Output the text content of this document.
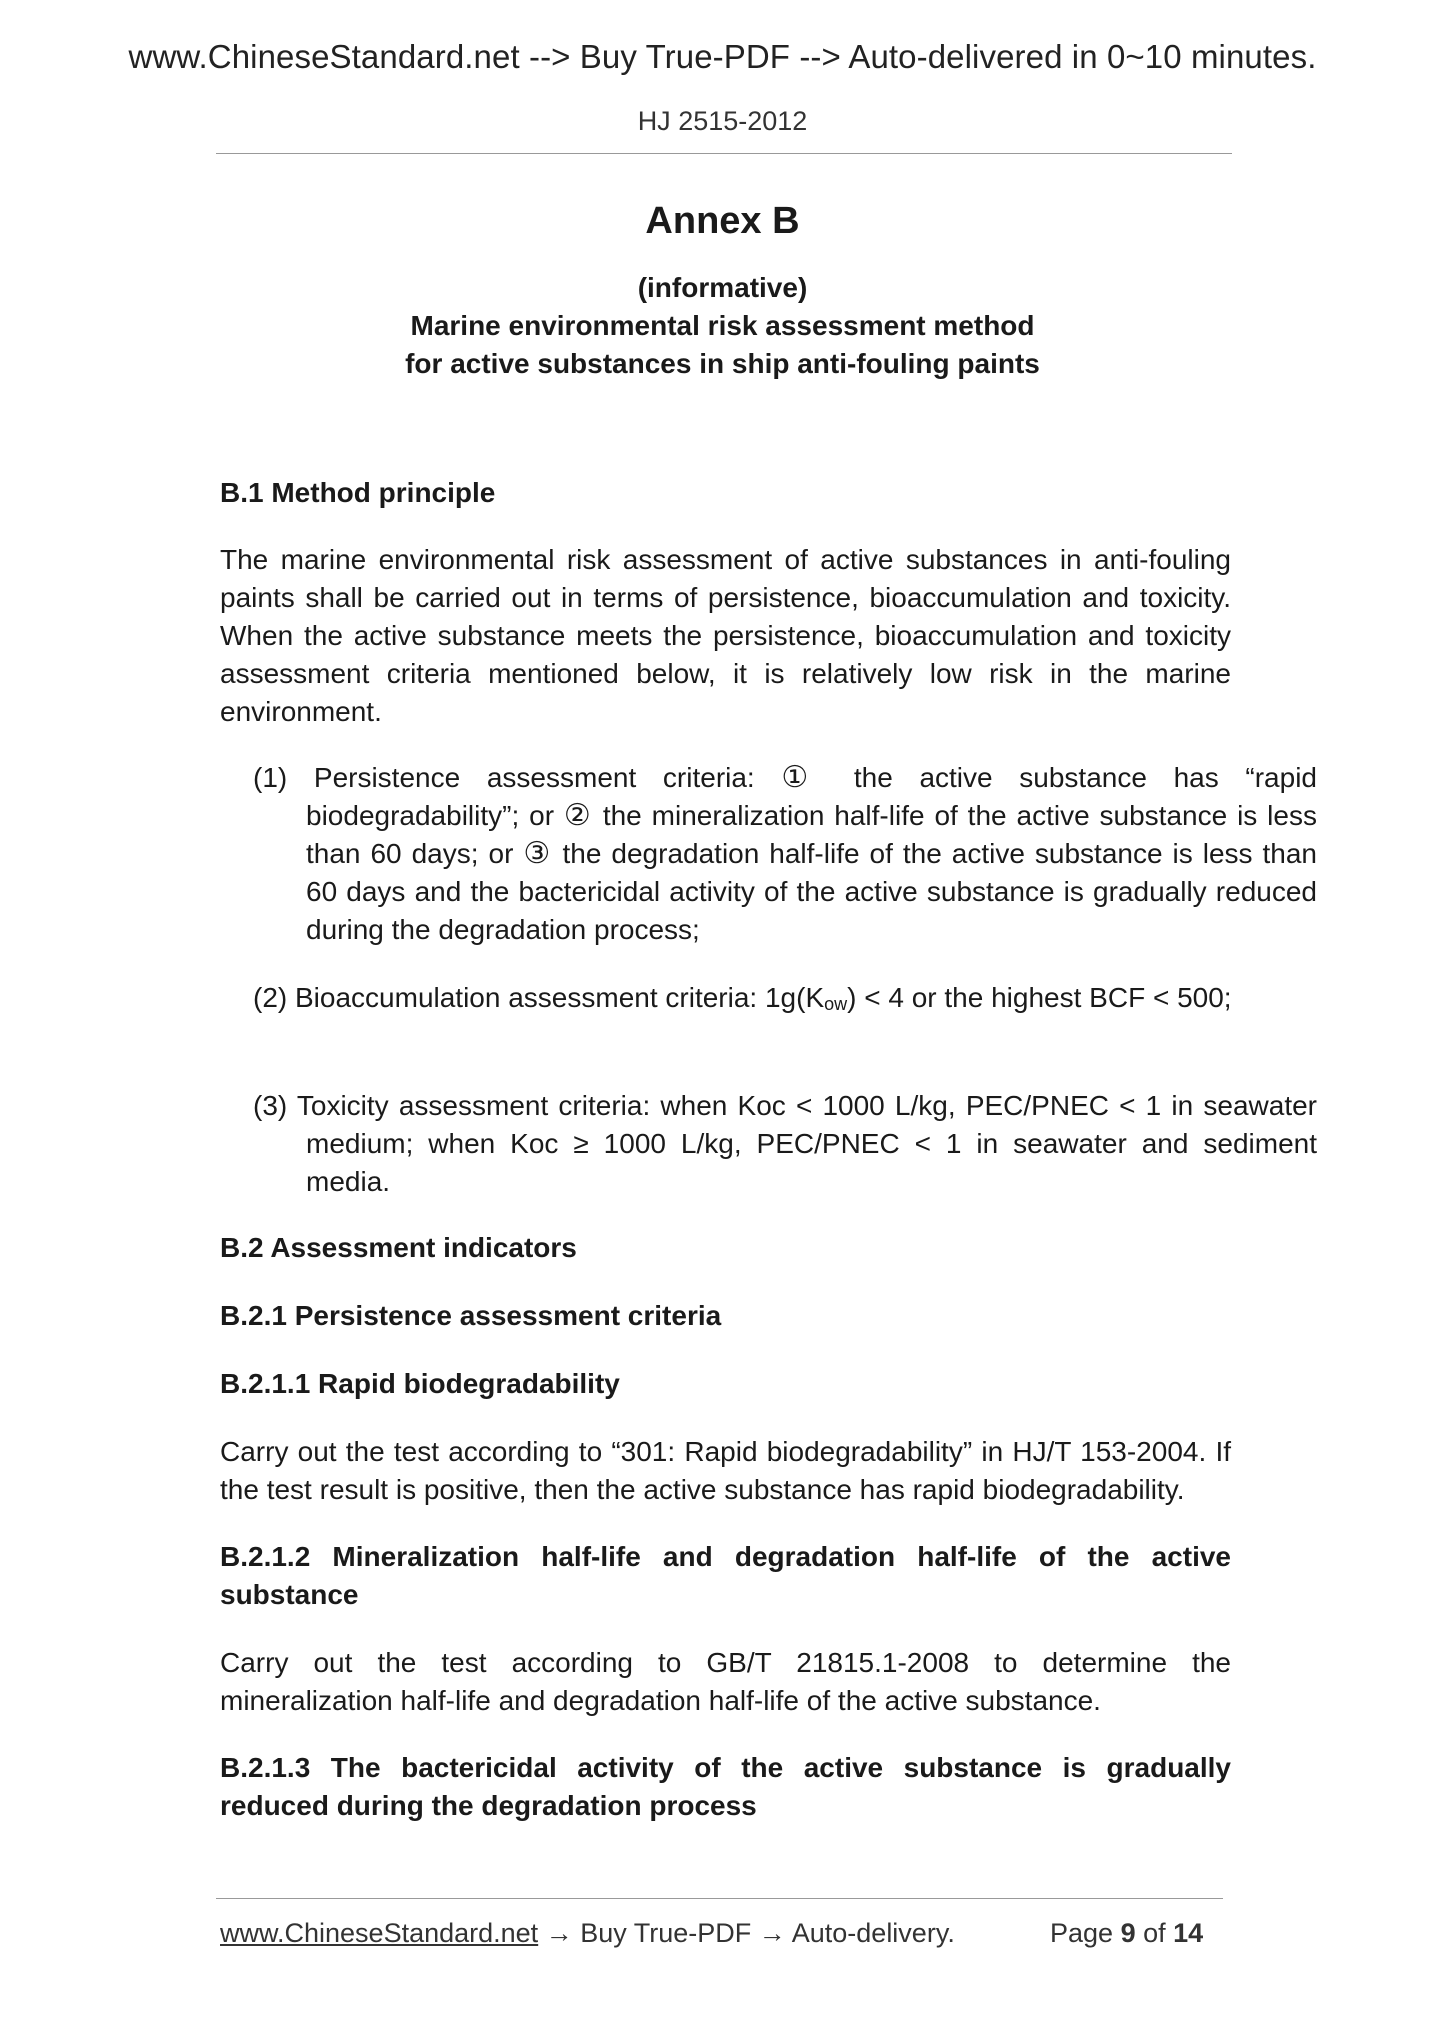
www.ChineseStandard.net --> Buy True-PDF --> Auto-delivered in 0~10 minutes.
HJ 2515-2012
Annex B
(informative)
Marine environmental risk assessment method
for active substances in ship anti-fouling paints
B.1 Method principle
The marine environmental risk assessment of active substances in anti-fouling paints shall be carried out in terms of persistence, bioaccumulation and toxicity. When the active substance meets the persistence, bioaccumulation and toxicity assessment criteria mentioned below, it is relatively low risk in the marine environment.
(1) Persistence assessment criteria: ① the active substance has “rapid biodegradability”; or ② the mineralization half-life of the active substance is less than 60 days; or ③ the degradation half-life of the active substance is less than 60 days and the bactericidal activity of the active substance is gradually reduced during the degradation process;
(2) Bioaccumulation assessment criteria: $1g(K_{ow}) < 4$ or the highest BCF < 500;
(3) Toxicity assessment criteria: when Koc < 1000 L/kg, PEC/PNEC < 1 in seawater medium; when Koc ≥ 1000 L/kg, PEC/PNEC < 1 in seawater and sediment media.
B.2 Assessment indicators
B.2.1 Persistence assessment criteria
B.2.1.1 Rapid biodegradability
Carry out the test according to “301: Rapid biodegradability” in HJ/T 153-2004. If the test result is positive, then the active substance has rapid biodegradability.
B.2.1.2 Mineralization half-life and degradation half-life of the active substance
Carry out the test according to GB/T 21815.1-2008 to determine the mineralization half-life and degradation half-life of the active substance.
B.2.1.3 The bactericidal activity of the active substance is gradually reduced during the degradation process
www.ChineseStandard.net → Buy True-PDF → Auto-delivery.	Page 9 of 14
